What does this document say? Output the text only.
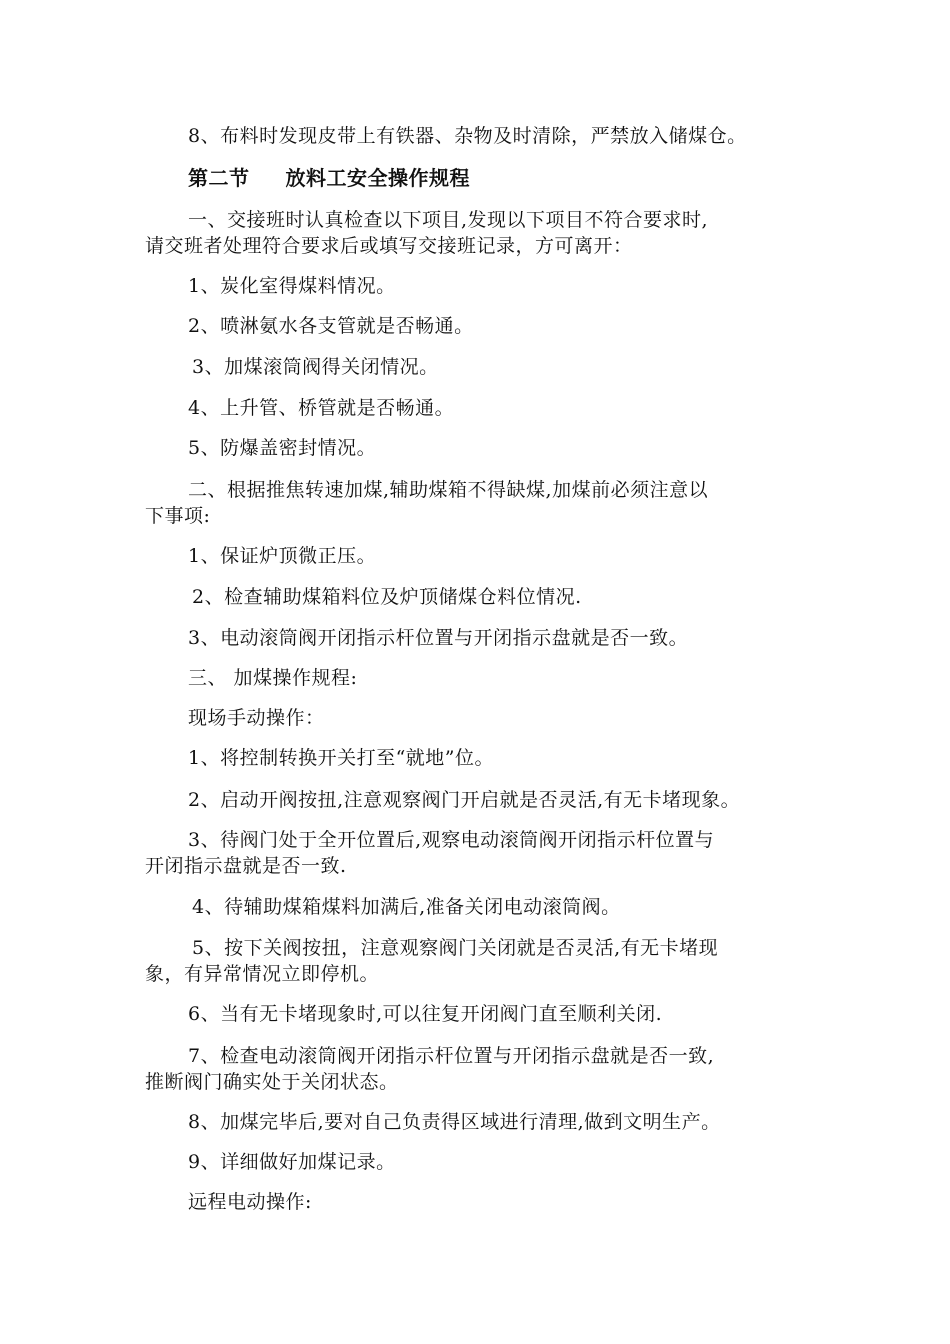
8、布料时发现皮带上有铁器、杂物及时清除，严禁放入储煤仓。
第二节 放料工安全操作规程
一、交接班时认真检查以下项目,发现以下项目不符合要求时,
请交班者处理符合要求后或填写交接班记录，方可离开：
1、炭化室得煤料情况。
2、喷淋氨水各支管就是否畅通。
3、加煤滚筒阀得关闭情况。
4、上升管、桥管就是否畅通。
5、防爆盖密封情况。
二、根据推焦转速加煤,辅助煤箱不得缺煤,加煤前必须注意以
下事项:
1、保证炉顶微正压。
2、检查辅助煤箱料位及炉顶储煤仓料位情况.
3、电动滚筒阀开闭指示杆位置与开闭指示盘就是否一致。
三、 加煤操作规程:
现场手动操作：
1、将控制转换开关打至“就地”位。
2、启动开阀按扭,注意观察阀门开启就是否灵活,有无卡堵现象。
3、待阀门处于全开位置后,观察电动滚筒阀开闭指示杆位置与
开闭指示盘就是否一致.
4、待辅助煤箱煤料加满后,准备关闭电动滚筒阀。
5、按下关阀按扭，注意观察阀门关闭就是否灵活,有无卡堵现
象，有异常情况立即停机。
6、当有无卡堵现象时,可以往复开闭阀门直至顺利关闭.
7、检查电动滚筒阀开闭指示杆位置与开闭指示盘就是否一致,
推断阀门确实处于关闭状态。
8、加煤完毕后,要对自己负责得区域进行清理,做到文明生产。
9、详细做好加煤记录。
远程电动操作:
